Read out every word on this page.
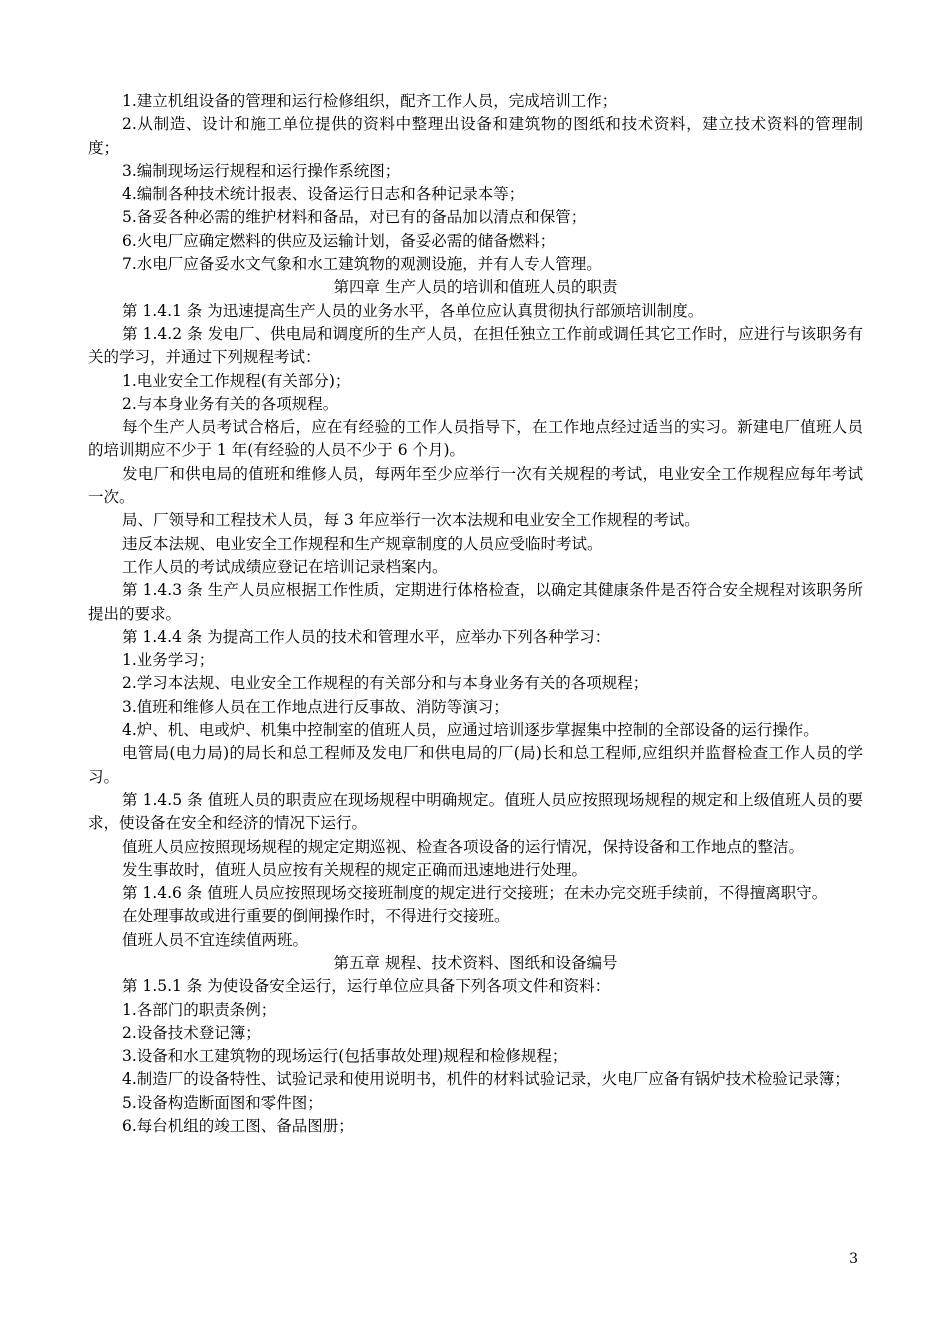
1.建立机组设备的管理和运行检修组织，配齐工作人员，完成培训工作；
2.从制造、设计和施工单位提供的资料中整理出设备和建筑物的图纸和技术资料，建立技术资料的管理制度；
3.编制现场运行规程和运行操作系统图；
4.编制各种技术统计报表、设备运行日志和各种记录本等；
5.备妥各种必需的维护材料和备品，对已有的备品加以清点和保管；
6.火电厂应确定燃料的供应及运输计划，备妥必需的储备燃料；
7.水电厂应备妥水文气象和水工建筑物的观测设施，并有人专人管理。
第四章 生产人员的培训和值班人员的职责
第 1.4.1 条 为迅速提高生产人员的业务水平，各单位应认真贯彻执行部颁培训制度。
第 1.4.2 条 发电厂、供电局和调度所的生产人员，在担任独立工作前或调任其它工作时，应进行与该职务有关的学习，并通过下列规程考试：
1.电业安全工作规程(有关部分)；
2.与本身业务有关的各项规程。
每个生产人员考试合格后，应在有经验的工作人员指导下，在工作地点经过适当的实习。新建电厂值班人员的培训期应不少于 1 年(有经验的人员不少于 6 个月)。
发电厂和供电局的值班和维修人员，每两年至少应举行一次有关规程的考试，电业安全工作规程应每年考试一次。
局、厂领导和工程技术人员，每 3 年应举行一次本法规和电业安全工作规程的考试。
违反本法规、电业安全工作规程和生产规章制度的人员应受临时考试。
工作人员的考试成绩应登记在培训记录档案内。
第 1.4.3 条 生产人员应根据工作性质，定期进行体格检查，以确定其健康条件是否符合安全规程对该职务所提出的要求。
第 1.4.4 条 为提高工作人员的技术和管理水平，应举办下列各种学习：
1.业务学习；
2.学习本法规、电业安全工作规程的有关部分和与本身业务有关的各项规程；
3.值班和维修人员在工作地点进行反事故、消防等演习；
4.炉、机、电或炉、机集中控制室的值班人员，应通过培训逐步掌握集中控制的全部设备的运行操作。
电管局(电力局)的局长和总工程师及发电厂和供电局的厂(局)长和总工程师,应组织并监督检查工作人员的学习。
第 1.4.5 条 值班人员的职责应在现场规程中明确规定。值班人员应按照现场规程的规定和上级值班人员的要求，使设备在安全和经济的情况下运行。
值班人员应按照现场规程的规定定期巡视、检查各项设备的运行情况，保持设备和工作地点的整洁。
发生事故时，值班人员应按有关规程的规定正确而迅速地进行处理。
第 1.4.6 条 值班人员应按照现场交接班制度的规定进行交接班；在未办完交班手续前，不得擅离职守。
在处理事故或进行重要的倒闸操作时，不得进行交接班。
值班人员不宜连续值两班。
第五章 规程、技术资料、图纸和设备编号
第 1.5.1 条 为使设备安全运行，运行单位应具备下列各项文件和资料：
1.各部门的职责条例；
2.设备技术登记簿；
3.设备和水工建筑物的现场运行(包括事故处理)规程和检修规程；
4.制造厂的设备特性、试验记录和使用说明书，机件的材料试验记录，火电厂应备有锅炉技术检验记录簿；
5.设备构造断面图和零件图；
6.每台机组的竣工图、备品图册；
3
